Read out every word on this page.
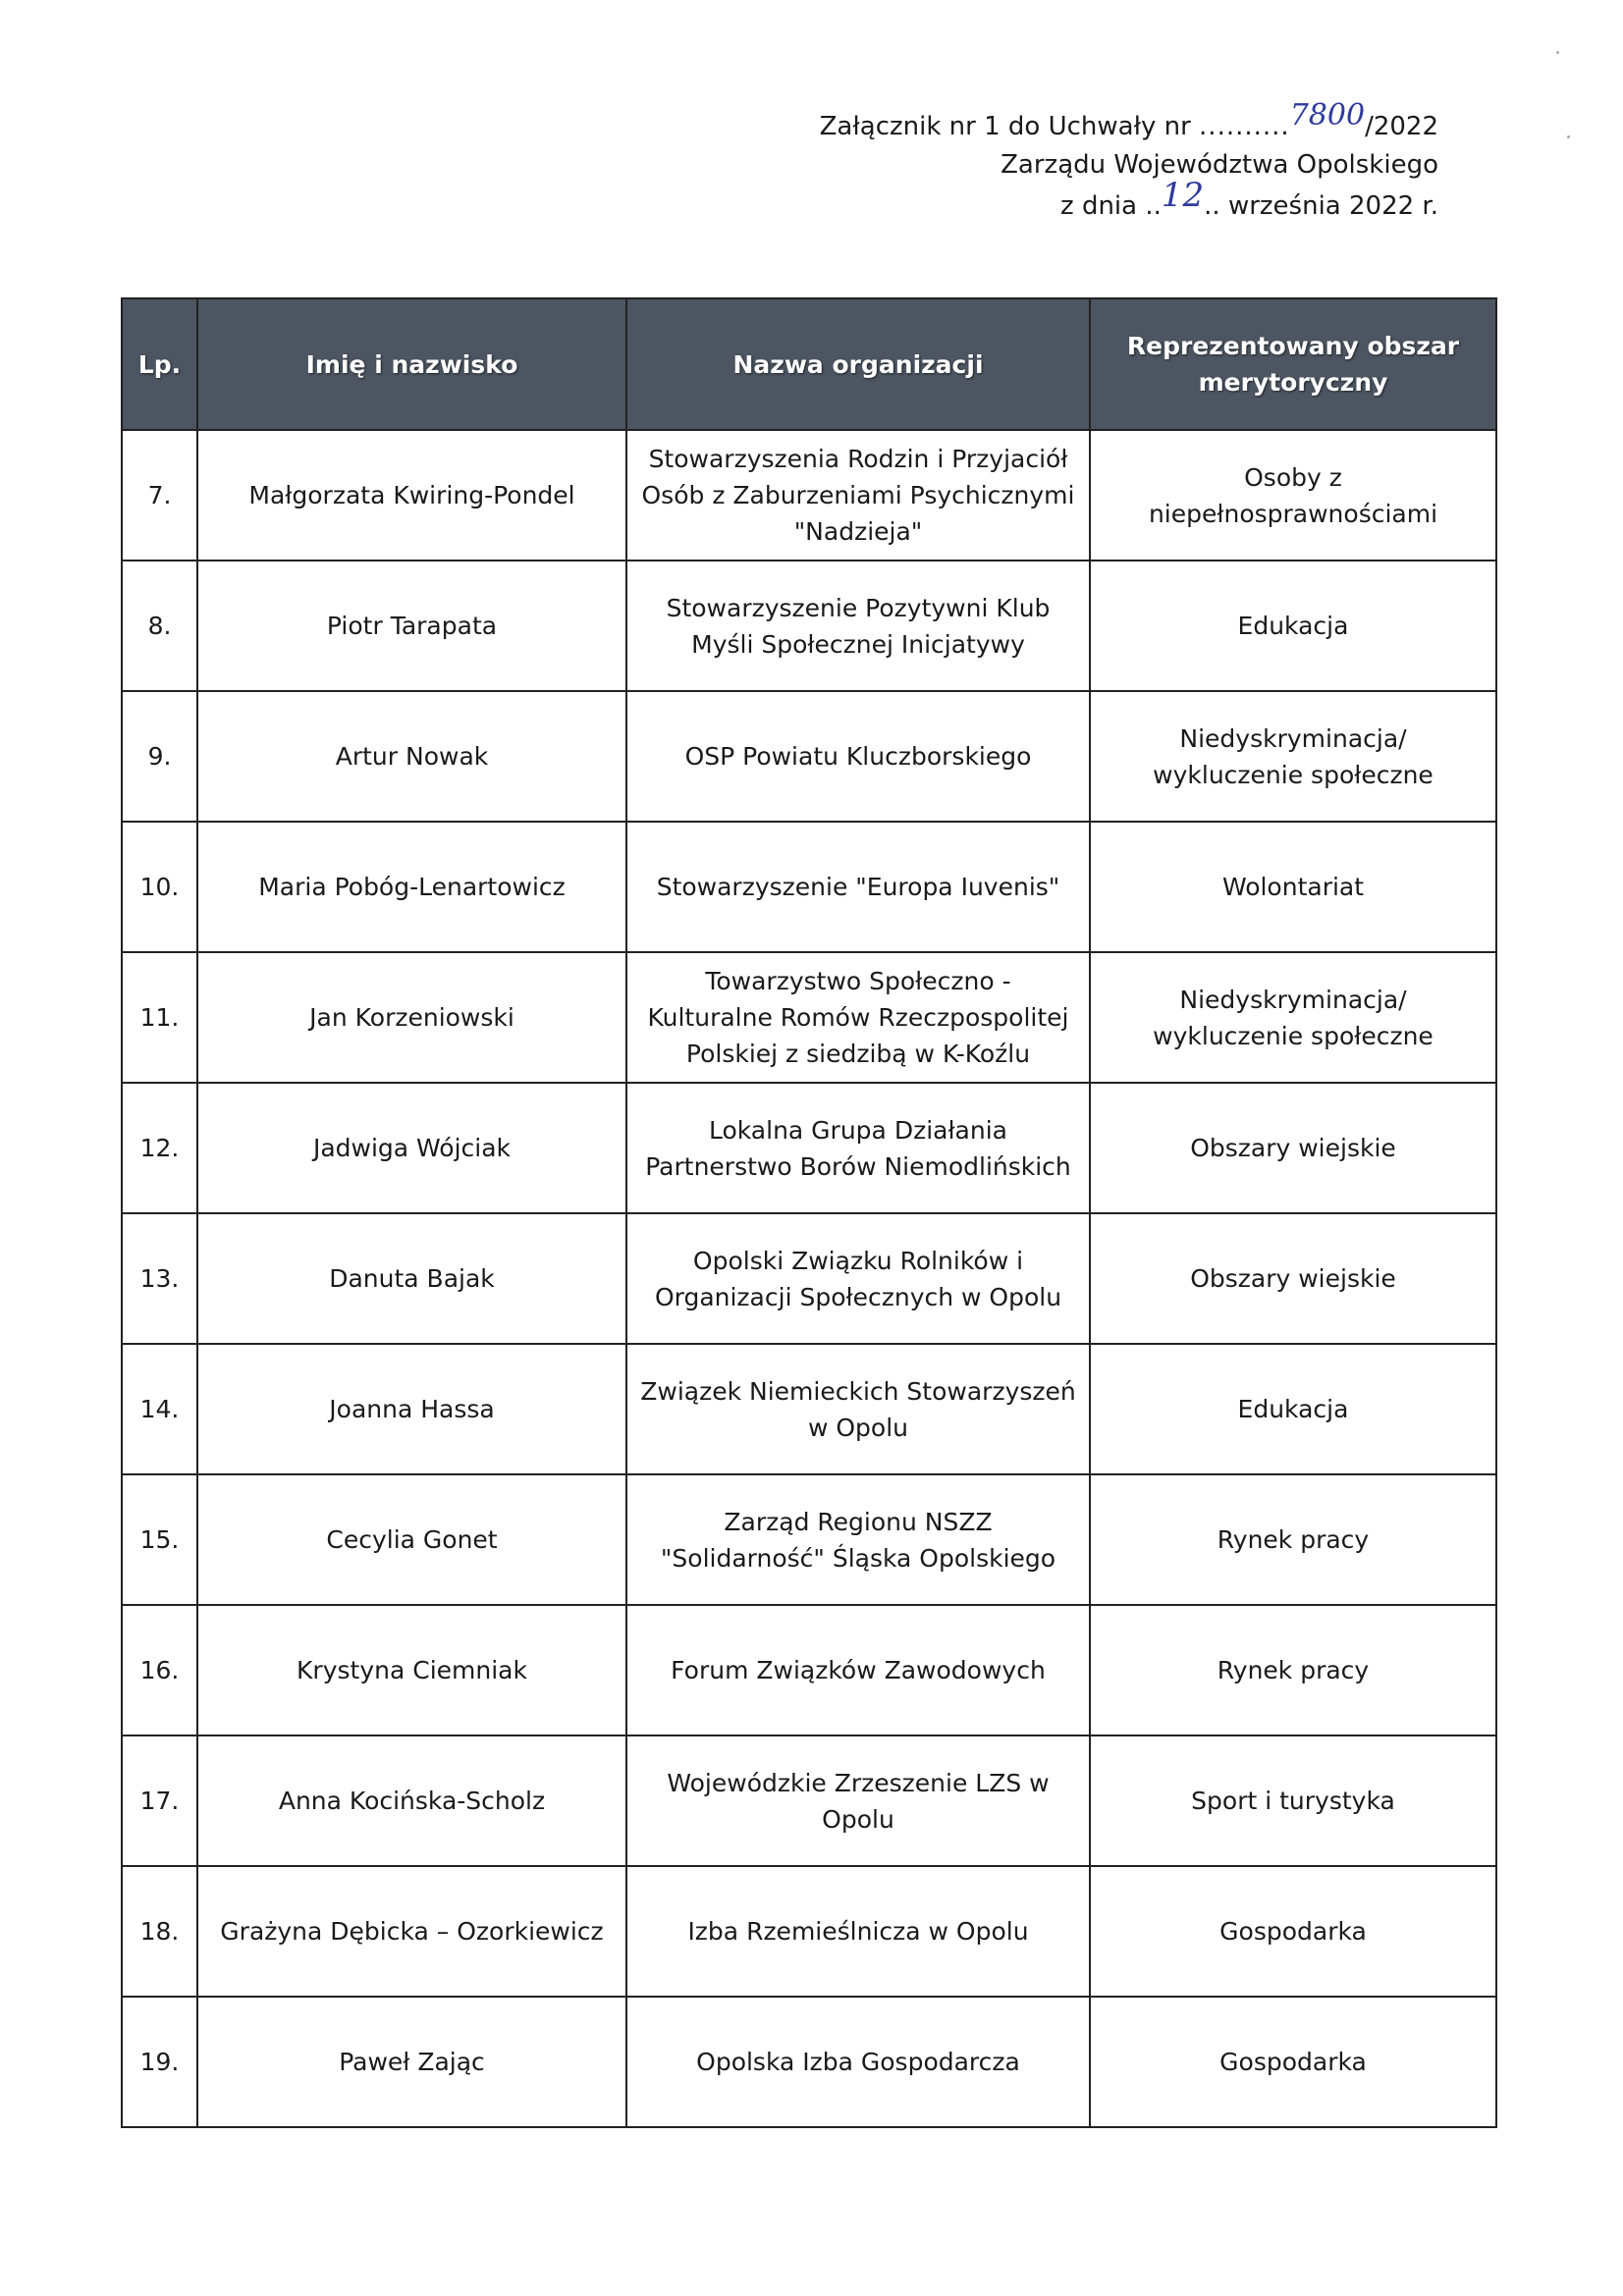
Załącznik nr 1 do Uchwały nr ..........7800/2022
Zarządu Województwa Opolskiego
z dnia ..12.. września 2022 r.
Lp.	Imię i nazwisko	Nazwa organizacji	Reprezentowany obszar merytoryczny
7.	Małgorzata Kwiring-Pondel	Stowarzyszenia Rodzin i Przyjaciół Osób z Zaburzeniami Psychicznymi "Nadzieja"	Osoby z niepełnosprawnościami
8.	Piotr Tarapata	Stowarzyszenie Pozytywni Klub Myśli Społecznej Inicjatywy	Edukacja
9.	Artur Nowak	OSP Powiatu Kluczborskiego	Niedyskryminacja/ wykluczenie społeczne
10.	Maria Pobóg-Lenartowicz	Stowarzyszenie "Europa Iuvenis"	Wolontariat
11.	Jan Korzeniowski	Towarzystwo Społeczno - Kulturalne Romów Rzeczpospolitej Polskiej z siedzibą w K-Koźlu	Niedyskryminacja/ wykluczenie społeczne
12.	Jadwiga Wójciak	Lokalna Grupa Działania Partnerstwo Borów Niemodlińskich	Obszary wiejskie
13.	Danuta Bajak	Opolski Związku Rolników i Organizacji Społecznych w Opolu	Obszary wiejskie
14.	Joanna Hassa	Związek Niemieckich Stowarzyszeń w Opolu	Edukacja
15.	Cecylia Gonet	Zarząd Regionu NSZZ "Solidarność" Śląska Opolskiego	Rynek pracy
16.	Krystyna Ciemniak	Forum Związków Zawodowych	Rynek pracy
17.	Anna Kocińska-Scholz	Wojewódzkie Zrzeszenie LZS w Opolu	Sport i turystyka
18.	Grażyna Dębicka – Ozorkiewicz	Izba Rzemieślnicza w Opolu	Gospodarka
19.	Paweł Zając	Opolska Izba Gospodarcza	Gospodarka
